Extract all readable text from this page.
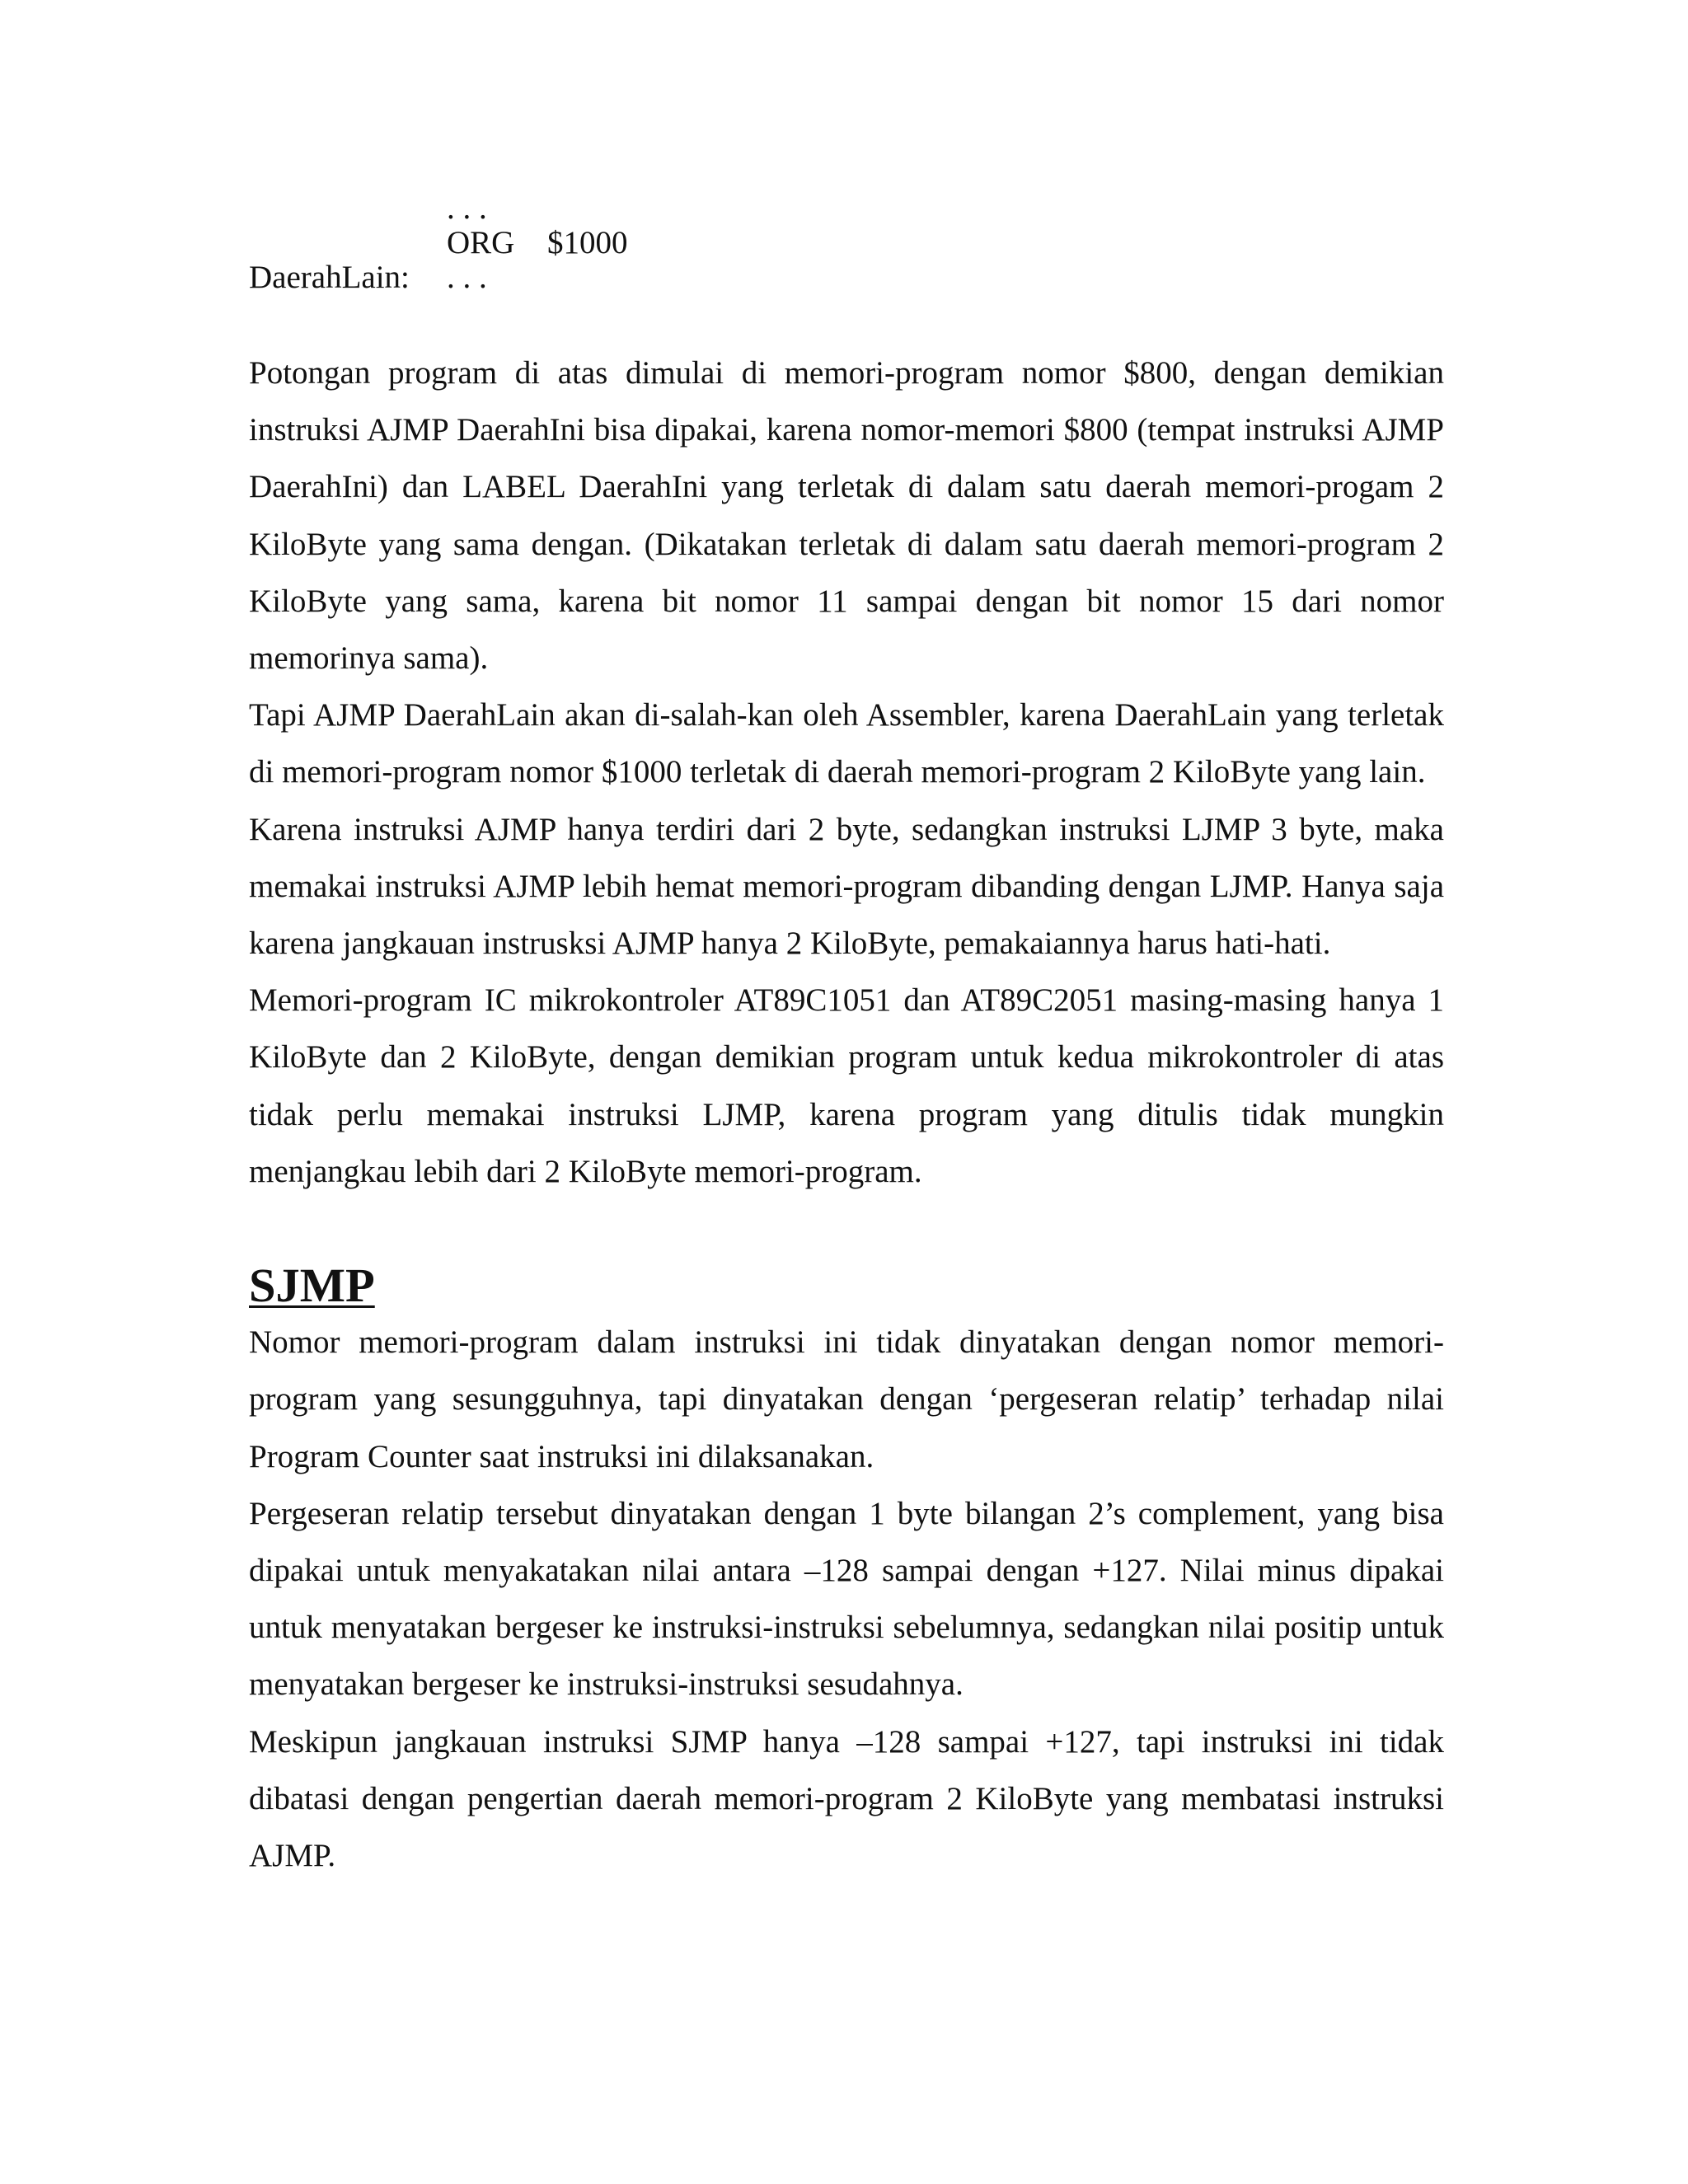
. . .

ORG

$1000

DaerahLain:

. . .

Potongan program di atas dimulai di memori-program nomor $800, dengan demikian instruksi AJMP DaerahIni bisa dipakai, karena nomor-memori $800 (tempat instruksi AJMP DaerahIni) dan LABEL DaerahIni yang terletak di dalam satu daerah memori-progam 2 KiloByte yang sama dengan. (Dikatakan terletak di dalam satu daerah memori-program 2 KiloByte yang sama, karena bit nomor 11 sampai dengan bit nomor 15 dari nomor memorinya sama).

Tapi AJMP DaerahLain akan di-salah-kan oleh Assembler, karena DaerahLain yang terletak di memori-program nomor $1000 terletak di daerah memori-program 2 KiloByte yang lain.

Karena instruksi AJMP hanya terdiri dari 2 byte, sedangkan instruksi LJMP 3 byte, maka memakai instruksi AJMP lebih hemat memori-program dibanding dengan LJMP. Hanya saja karena jangkauan instrusksi AJMP hanya 2 KiloByte, pemakaiannya harus hati-hati.

Memori-program IC mikrokontroler AT89C1051 dan AT89C2051 masing-masing hanya 1 KiloByte dan 2 KiloByte, dengan demikian program untuk kedua mikrokontroler di atas tidak perlu memakai instruksi LJMP, karena program yang ditulis tidak mungkin menjangkau lebih dari 2 KiloByte memori-program.

SJMP

Nomor memori-program dalam instruksi ini tidak dinyatakan dengan nomor memori-program yang sesungguhnya, tapi dinyatakan dengan ‘pergeseran relatip’ terhadap nilai Program Counter saat instruksi ini dilaksanakan.

Pergeseran relatip tersebut dinyatakan dengan 1 byte bilangan 2’s complement, yang bisa dipakai untuk menyakatakan nilai antara –128 sampai dengan +127. Nilai minus dipakai untuk menyatakan bergeser ke instruksi-instruksi sebelumnya, sedangkan nilai positip untuk menyatakan bergeser ke instruksi-instruksi sesudahnya.

Meskipun jangkauan instruksi SJMP hanya –128 sampai +127, tapi instruksi ini tidak dibatasi dengan pengertian daerah memori-program 2 KiloByte yang membatasi instruksi AJMP.
